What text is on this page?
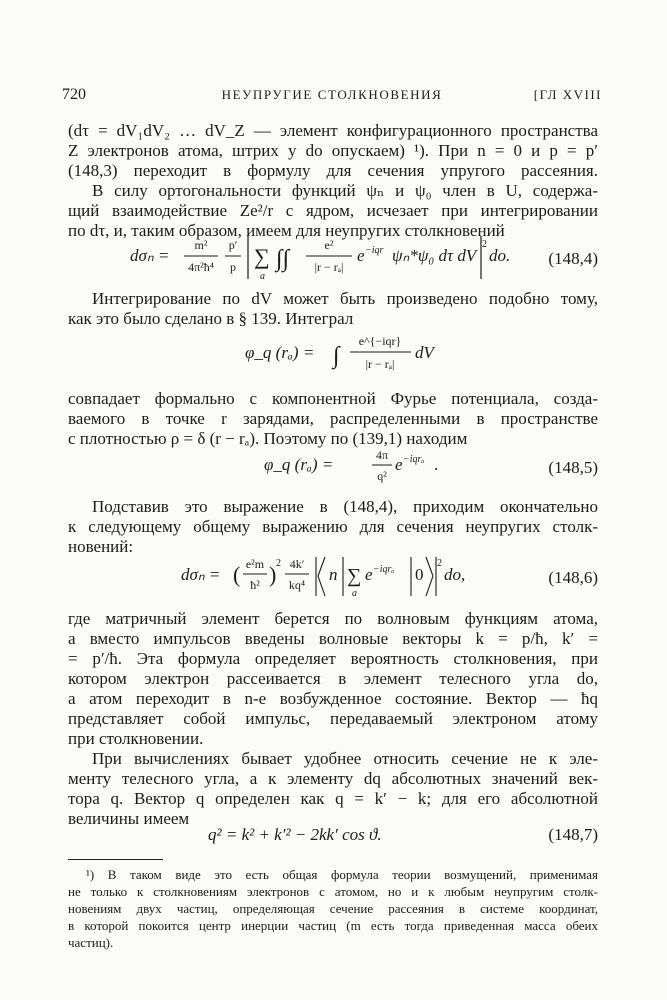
720	НЕУПРУГИЕ СТОЛКНОВЕНИЯ	[ГЛ XVIII
(dτ = dV₁dV₂ … dV_Z — элемент конфигурационного пространства
Z электронов атома, штрих у do опускаем) ¹). При n = 0 и p = p′
(148,3) переходит в формулу для сечения упругого рассеяния.
В силу ортогональности функций ψₙ и ψ₀ член в U, содержа-
щий взаимодействие Ze²/r с ядром, исчезает при интегрировании
по dτ, и, таким образом, имеем для неупругих столкновений
dσₙ =
m²
4π²ħ⁴
p′
p ∑
a
∫∫
e²
|r − rₐ|
e −iqr ψₙ*ψ₀ dτ dV
2
do. (148,4)
Интегрирование по dV может быть произведено подобно тому,
как это было сделано в § 139. Интеграл
φ_q (rₐ) = ∫
e^{−iqr}
|r − rₐ|
dV
совпадает формально с компонентной Фурье потенциала, созда-
ваемого в точке r зарядами, распределенными в пространстве
с плотностью ρ = δ (r − rₐ). Поэтому по (139,1) находим
φ_q (rₐ) =	4π
q²
e −iqrₐ .	(148,5)
Подставив это выражение в (148,4), приходим окончательно
к следующему общему выражению для сечения неупругих столк-
новений:
dσₙ = ( e²m
ħ² ) 2 4k′
kq⁴
n ∑
a
e −iqrₐ 0
2
do,	(148,6)
где матричный элемент берется по волновым функциям атома,
а вместо импульсов введены волновые векторы k = p/ħ, k′ =
= p′/ħ. Эта формула определяет вероятность столкновения, при
котором электрон рассеивается в элемент телесного угла do,
а атом переходит в n-е возбужденное состояние. Вектор — ħq
представляет собой импульс, передаваемый электроном атому
при столкновении.
При вычислениях бывает удобнее относить сечение не к эле-
менту телесного угла, а к элементу dq абсолютных значений век-
тора q. Вектор q определен как q = k′ − k; для его абсолютной
величины имеем
q² = k² + k′² − 2kk′ cos ϑ.	(148,7)
¹) В таком виде это есть общая формула теории возмущений, применимая
не только к столкновениям электронов с атомом, но и к любым неупругим столк-
новениям двух частиц, определяющая сечение рассеяния в системе координат,
в которой покоится центр инерции частиц (m есть тогда приведенная масса обеих
частиц).
